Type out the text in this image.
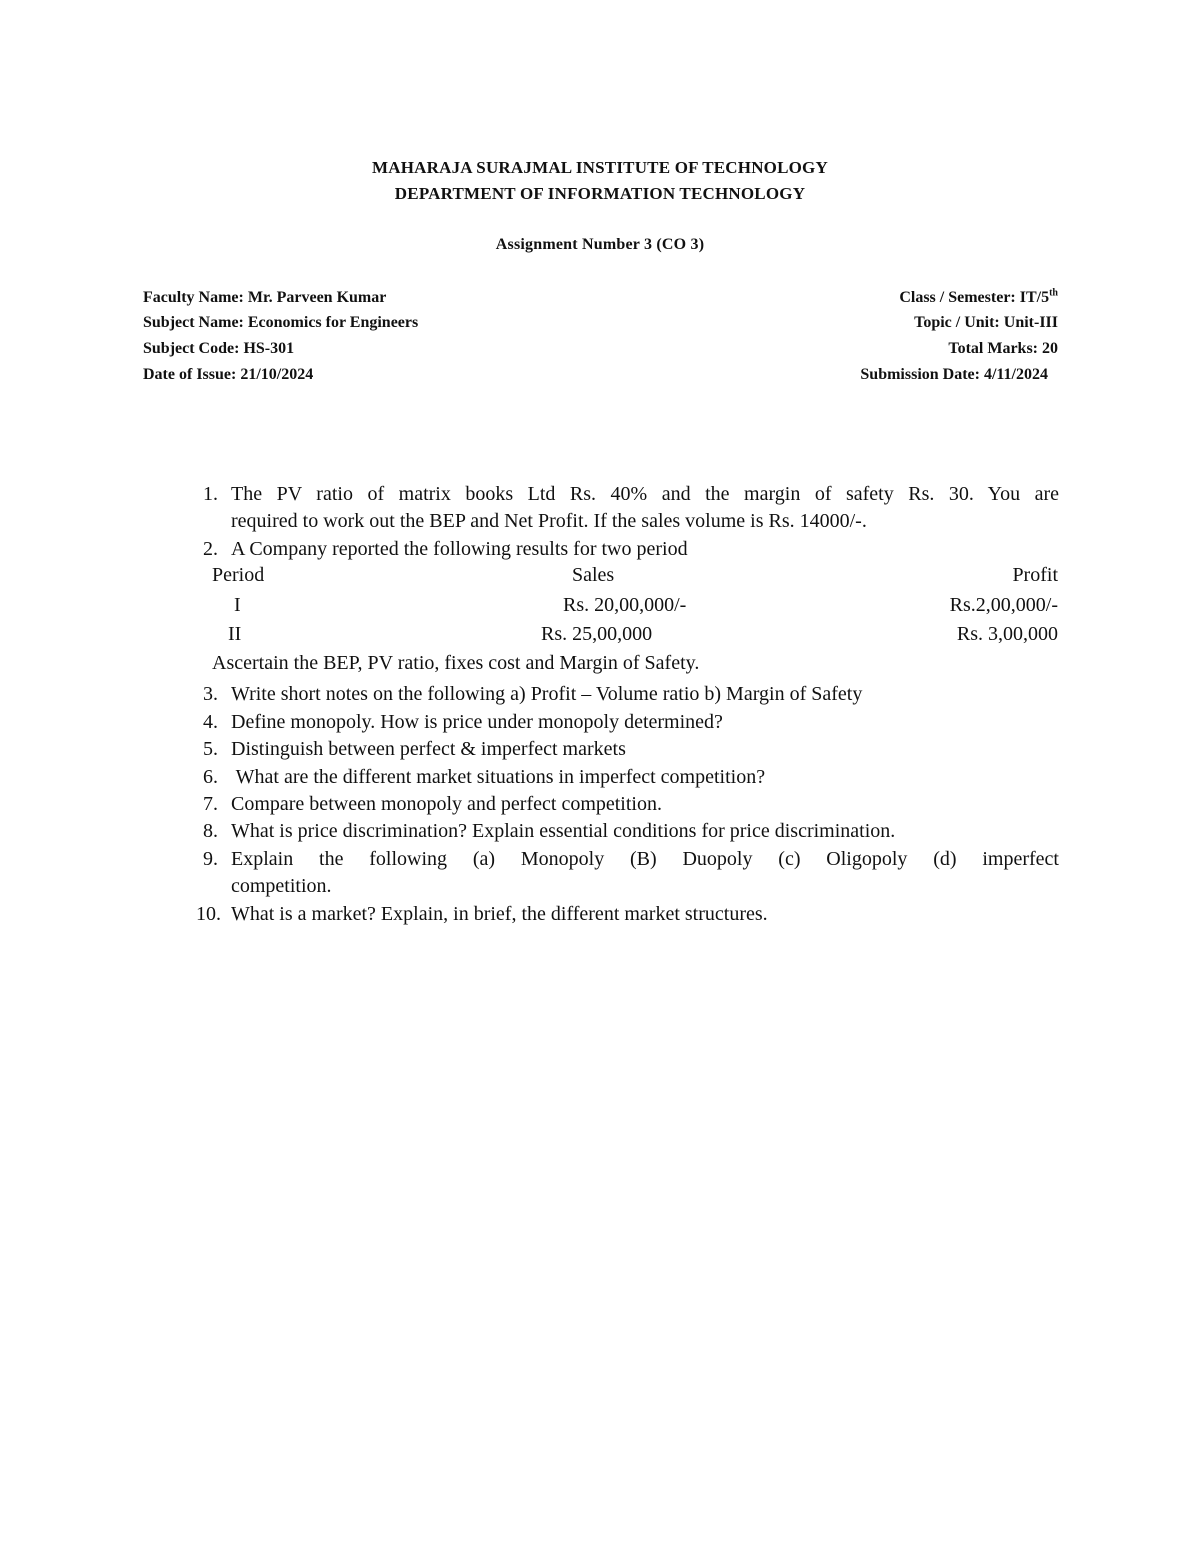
MAHARAJA SURAJMAL INSTITUTE OF TECHNOLOGY
DEPARTMENT OF INFORMATION TECHNOLOGY
Assignment Number 3 (CO 3)
Faculty Name: Mr. Parveen Kumar	Class / Semester: IT/5th
Subject Name: Economics for Engineers	Topic / Unit: Unit-III
Subject Code: HS-301	Total Marks: 20
Date of Issue: 21/10/2024	Submission Date: 4/11/2024
1. The PV ratio of matrix books Ltd Rs. 40% and the margin of safety Rs. 30. You are
required to work out the BEP and Net Profit. If the sales volume is Rs. 14000/-.
2. A Company reported the following results for two period
Period	Sales	Profit
I	Rs. 20,00,000/-	Rs.2,00,000/-
II	Rs. 25,00,000	Rs. 3,00,000
Ascertain the BEP, PV ratio, fixes cost and Margin of Safety.
3. Write short notes on the following a) Profit – Volume ratio b) Margin of Safety
4. Define monopoly. How is price under monopoly determined?
5. Distinguish between perfect & imperfect markets
6. What are the different market situations in imperfect competition?
7. Compare between monopoly and perfect competition.
8. What is price discrimination? Explain essential conditions for price discrimination.
9. Explain the following (a) Monopoly (B) Duopoly (c) Oligopoly (d) imperfect
competition.
10. What is a market? Explain, in brief, the different market structures.
